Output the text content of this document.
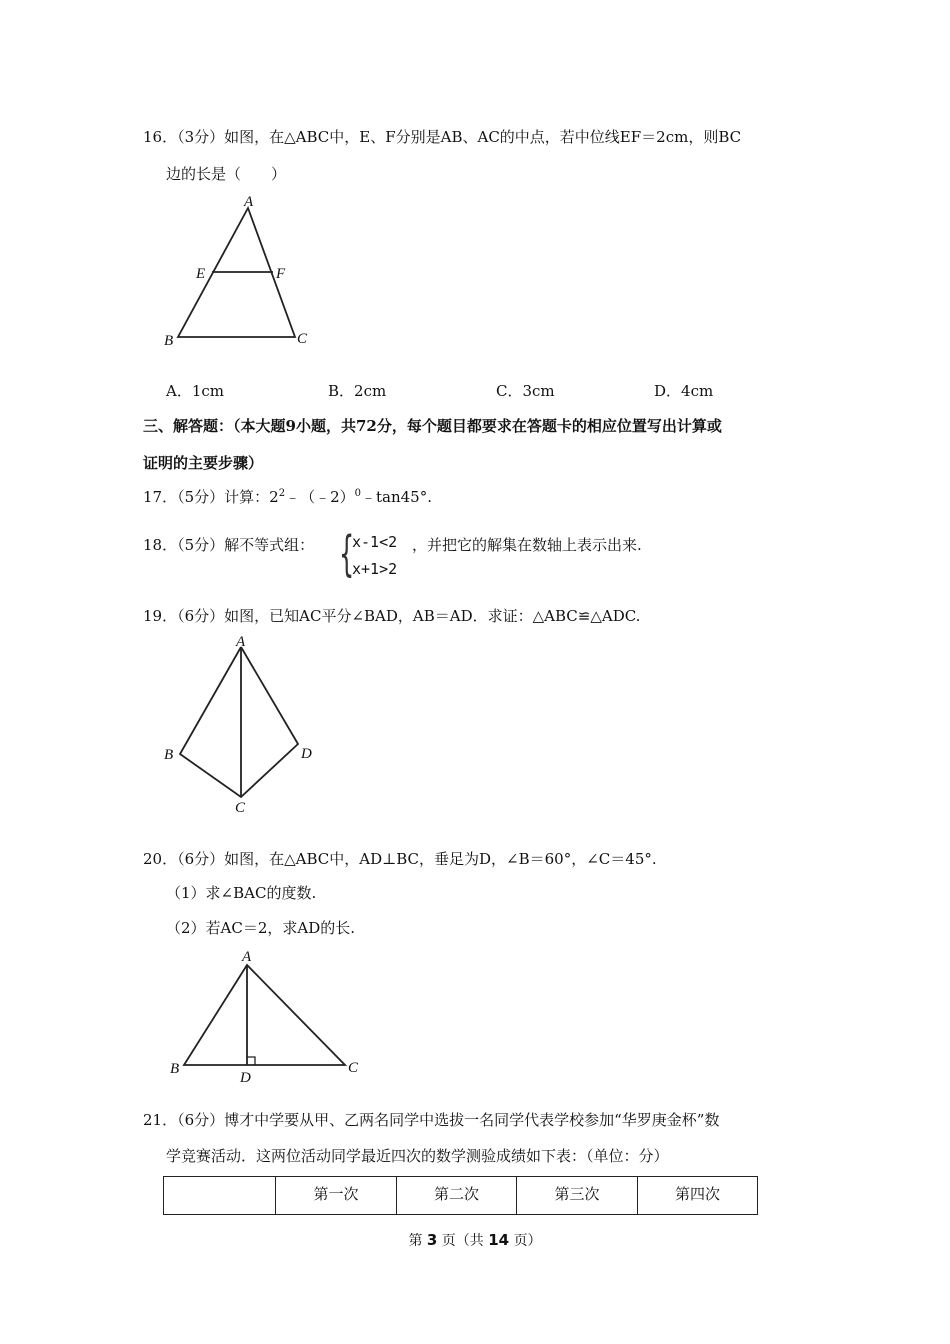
16．（3分）如图，在△ABC中，E、F分别是AB、AC的中点，若中位线EF＝2cm，则BC
边的长是（　　）
A
E	F
B	C
A．1cm	B．2cm	C．3cm	D．4cm
三、解答题：（本大题9小题，共72分，每个题目都要求在答题卡的相应位置写出计算或
证明的主要步骤）
17．（5分）计算：$2^2﹣(﹣2)^0﹣\tan 45^\circ$.
18．（5分）解不等式组： {
x-1<2
x+1>2
，并把它的解集在数轴上表示出来.
19．（6分）如图，已知AC平分∠BAD，AB＝AD．求证：△ABC≌△ADC.
A
B
C
D
20．（6分）如图，在△ABC中，AD⊥BC，垂足为D，∠B＝60°，∠C＝45°.
（1）求∠BAC的度数.
（2）若AC＝2，求AD的长.
A
B
D
C
21．（6分）博才中学要从甲、乙两名同学中选拔一名同学代表学校参加“华罗庚金杯”数
学竞赛活动．这两位活动同学最近四次的数学测验成绩如下表：（单位：分）
	第一次	第二次	第三次	第四次
第 3 页（共 14 页）
